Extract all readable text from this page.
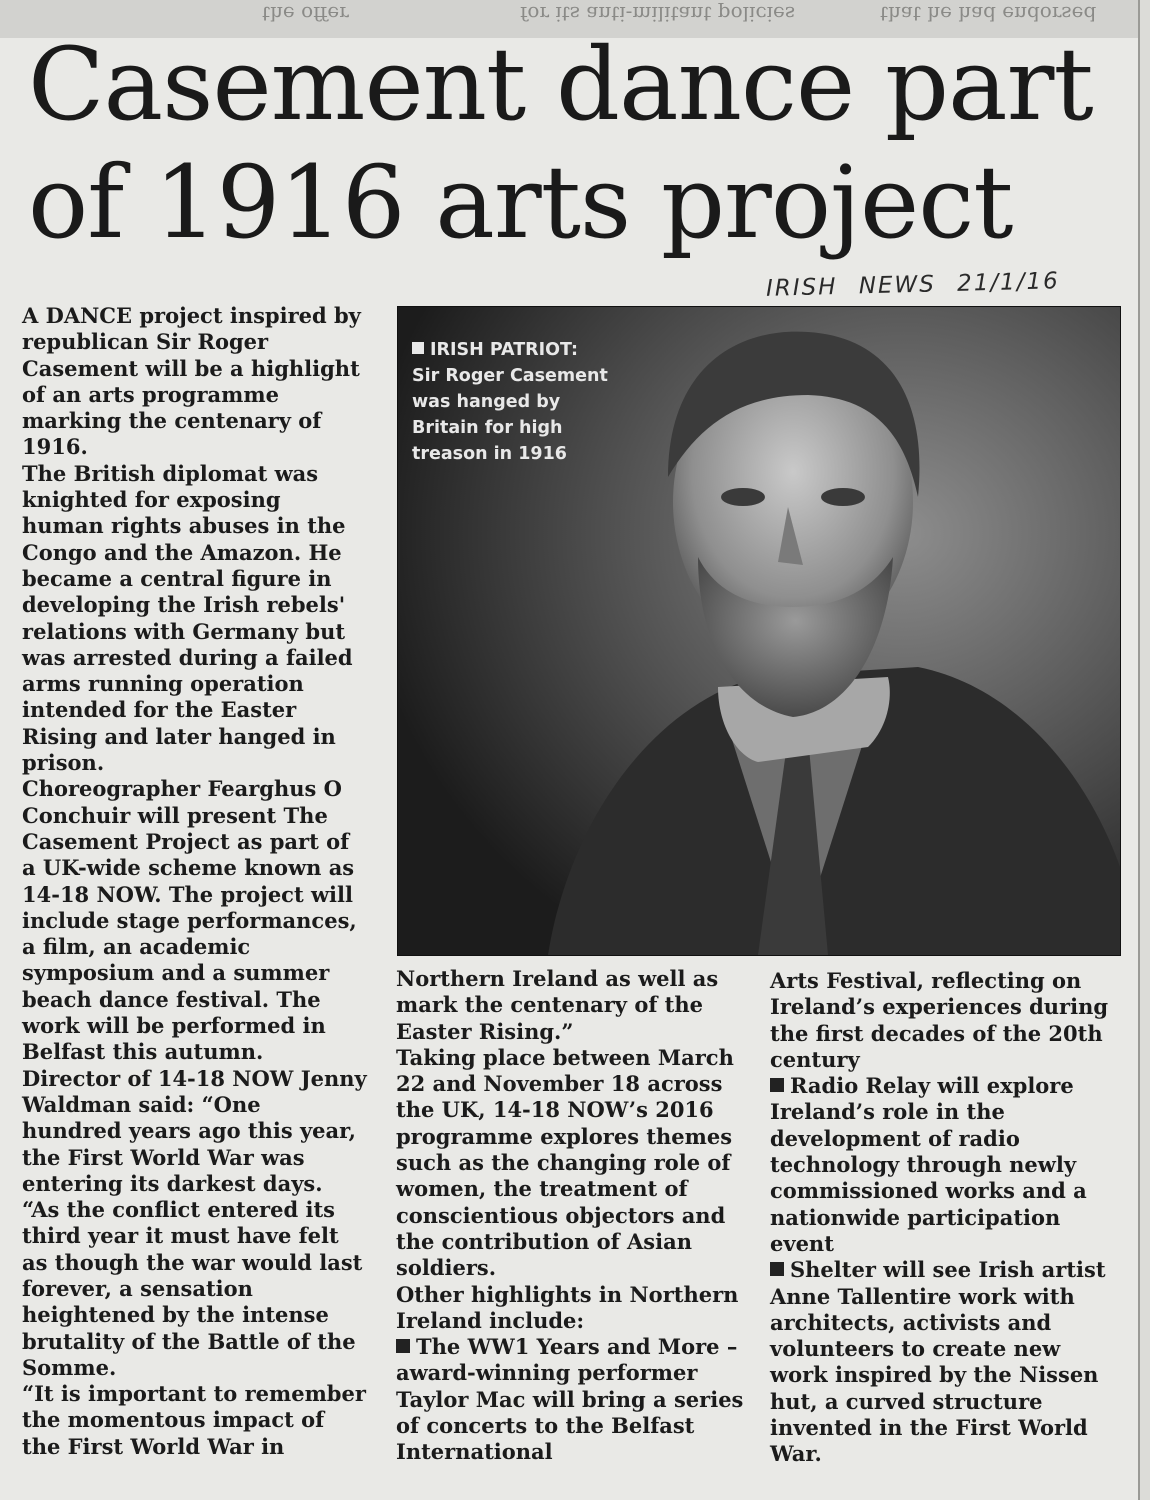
the offer	for its anti-militant policies	that he had endorsed
Casement dance part
of 1916 arts project
IRISH NEWS 21/1/16

A DANCE project inspired by republican Sir Roger Casement will be a highlight of an arts programme marking the centenary of 1916.

The British diplomat was knighted for exposing human rights abuses in the Congo and the Amazon. He became a central figure in developing the Irish rebels' relations with Germany but was arrested during a failed arms running operation intended for the Easter Rising and later hanged in prison.

Choreographer Fearghus O Conchuir will present The Casement Project as part of a UK-wide scheme known as 14-18 NOW. The project will include stage performances, a film, an academic symposium and a summer beach dance festival. The work will be performed in Belfast this autumn.

Director of 14-18 NOW Jenny Waldman said: “One hundred years ago this year, the First World War was entering its darkest days.

“As the conflict entered its third year it must have felt as though the war would last forever, a sensation heightened by the intense brutality of the Battle of the Somme.

“It is important to remember the momentous impact of the First World War in

IRISH PATRIOT:
Sir Roger Casement was hanged by Britain for high treason in 1916

Northern Ireland as well as mark the centenary of the Easter Rising.”

Taking place between March 22 and November 18 across the UK, 14-18 NOW’s 2016 programme explores themes such as the changing role of women, the treatment of conscientious objectors and the contribution of Asian soldiers.

Other highlights in Northern Ireland include:

The WW1 Years and More – award-winning performer Taylor Mac will bring a series of concerts to the Belfast International

Arts Festival, reflecting on Ireland’s experiences during the first decades of the 20th century

Radio Relay will explore Ireland’s role in the development of radio technology through newly commissioned works and a nationwide participation event

Shelter will see Irish artist Anne Tallentire work with architects, activists and volunteers to create new work inspired by the Nissen hut, a curved structure invented in the First World War.
